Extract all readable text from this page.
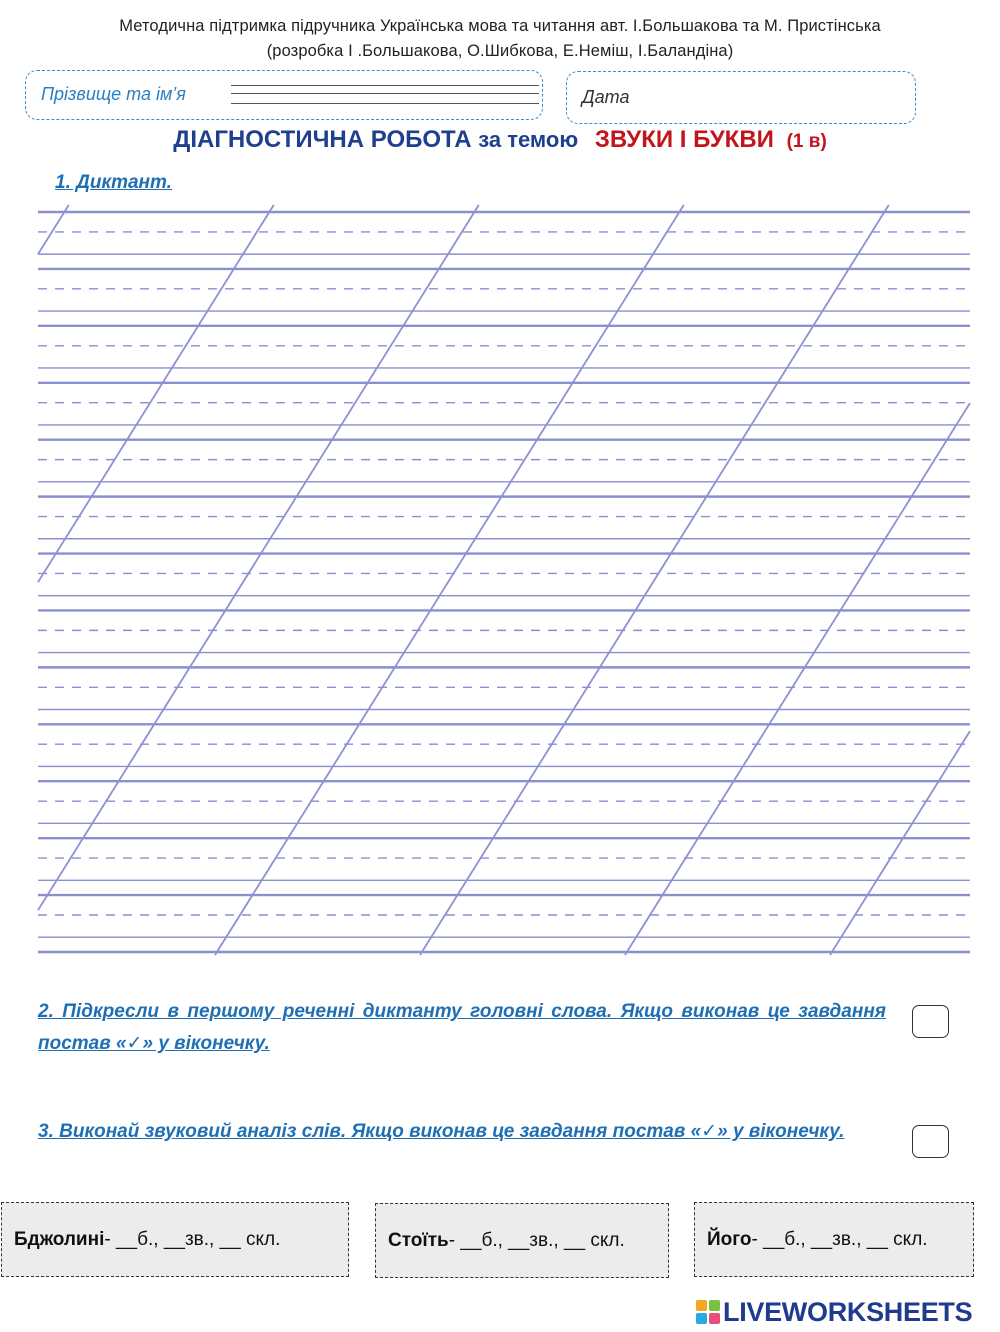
Методична підтримка підручника Українська мова та читання авт. І.Большакова та М. Пристінська
(розробка І .Большакова, О.Шибкова, Е.Неміш, І.Баландіна)
Прізвище та ім’я	Дата
ДІАГНОСТИЧНА РОБОТА за темою ЗВУКИ І БУКВИ (1 в)
1. Диктант.
2. Підкресли в першому реченні диктанту головні слова. Якщо виконав це завдання постав «✓» у віконечку.
3. Виконай звуковий аналіз слів. Якщо виконав це завдання постав «✓» у віконечку.
Бджолині - __б., __зв., __ скл.	Стоїть - __б., __зв., __ скл.	Його - __б., __зв., __ скл.
LIVEWORKSHEETS
